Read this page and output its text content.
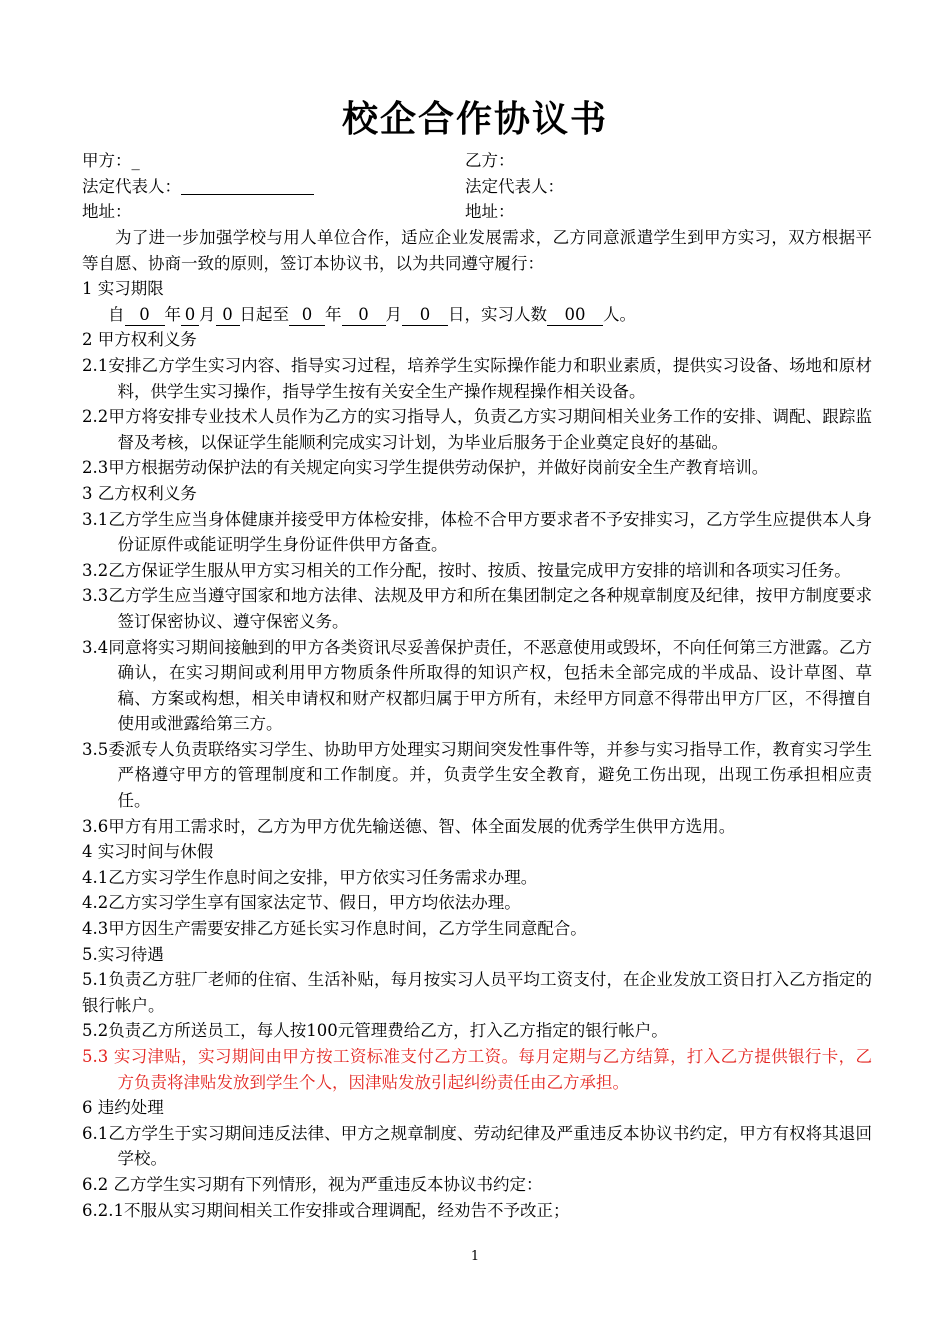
校企合作协议书
甲方：_
法定代表人：
地址：
乙方：
法定代表人：
地址：

为了进一步加强学校与用人单位合作，适应企业发展需求，乙方同意派遣学生到甲方实习，双方根据平等自愿、协商一致的原则，签订本协议书，以为共同遵守履行：

1 实习期限

自 0 年 0 月 0 日起至 0 年 0 月 0 日，实习人数 00 人。

2 甲方权利义务

2.1安排乙方学生实习内容、指导实习过程，培养学生实际操作能力和职业素质，提供实习设备、场地和原材料，供学生实习操作，指导学生按有关安全生产操作规程操作相关设备。

2.2甲方将安排专业技术人员作为乙方的实习指导人，负责乙方实习期间相关业务工作的安排、调配、跟踪监督及考核，以保证学生能顺利完成实习计划，为毕业后服务于企业奠定良好的基础。

2.3甲方根据劳动保护法的有关规定向实习学生提供劳动保护，并做好岗前安全生产教育培训。

3 乙方权利义务

3.1乙方学生应当身体健康并接受甲方体检安排，体检不合甲方要求者不予安排实习，乙方学生应提供本人身份证原件或能证明学生身份证件供甲方备查。

3.2乙方保证学生服从甲方实习相关的工作分配，按时、按质、按量完成甲方安排的培训和各项实习任务。

3.3乙方学生应当遵守国家和地方法律、法规及甲方和所在集团制定之各种规章制度及纪律，按甲方制度要求签订保密协议、遵守保密义务。

3.4同意将实习期间接触到的甲方各类资讯尽妥善保护责任，不恶意使用或毁坏，不向任何第三方泄露。乙方确认，在实习期间或利用甲方物质条件所取得的知识产权，包括未全部完成的半成品、设计草图、草稿、方案或构想，相关申请权和财产权都归属于甲方所有，未经甲方同意不得带出甲方厂区，不得擅自使用或泄露给第三方。

3.5委派专人负责联络实习学生、协助甲方处理实习期间突发性事件等，并参与实习指导工作，教育实习学生严格遵守甲方的管理制度和工作制度。并，负责学生安全教育，避免工伤出现，出现工伤承担相应责任。

3.6甲方有用工需求时，乙方为甲方优先输送德、智、体全面发展的优秀学生供甲方选用。

4 实习时间与休假

4.1乙方实习学生作息时间之安排，甲方依实习任务需求办理。

4.2乙方实习学生享有国家法定节、假日，甲方均依法办理。

4.3甲方因生产需要安排乙方延长实习作息时间，乙方学生同意配合。

5.实习待遇

5.1负责乙方驻厂老师的住宿、生活补贴，每月按实习人员平均工资支付，在企业发放工资日打入乙方指定的银行帐户。

5.2负责乙方所送员工，每人按100元管理费给乙方，打入乙方指定的银行帐户。

5.3 实习津贴，实习期间由甲方按工资标准支付乙方工资。每月定期与乙方结算，打入乙方提供银行卡，乙方负责将津贴发放到学生个人，因津贴发放引起纠纷责任由乙方承担。

6 违约处理

6.1乙方学生于实习期间违反法律、甲方之规章制度、劳动纪律及严重违反本协议书约定，甲方有权将其退回学校。

6.2 乙方学生实习期有下列情形，视为严重违反本协议书约定：

6.2.1不服从实习期间相关工作安排或合理调配，经劝告不予改正；

1
